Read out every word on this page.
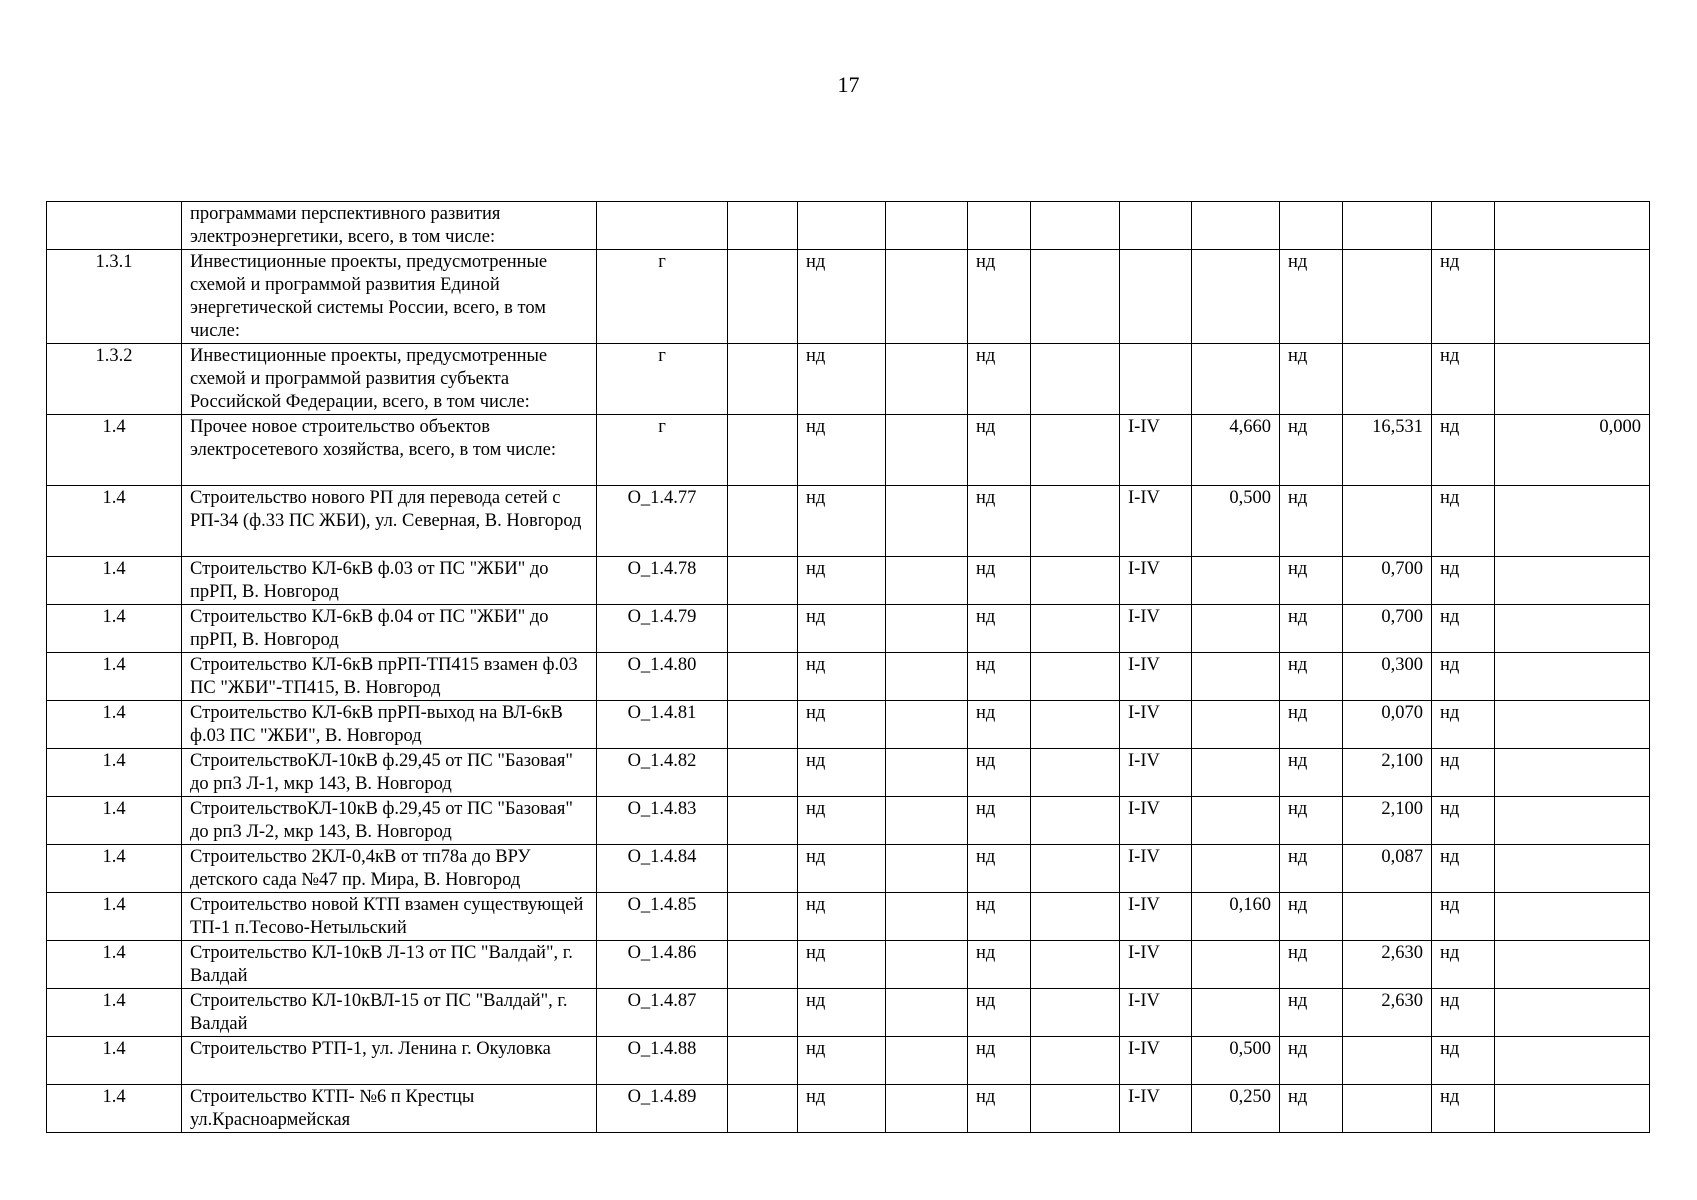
17
	программами перспективного развития электроэнергетики, всего, в том числе:												
1.3.1	Инвестиционные проекты, предусмотренные схемой и программой развития Единой энергетической системы России, всего, в том числе:	г		нд		нд				нд		нд	
1.3.2	Инвестиционные проекты, предусмотренные схемой и программой развития субъекта Российской Федерации, всего, в том числе:	г		нд		нд				нд		нд	
1.4	Прочее новое строительство объектов электросетевого хозяйства, всего, в том числе:	г		нд		нд		I-IV	4,660	нд	16,531	нд	0,000
1.4	Строительство нового РП для перевода сетей с РП-34 (ф.33 ПС ЖБИ), ул. Северная, В. Новгород	О_1.4.77		нд		нд		I-IV	0,500	нд		нд	
1.4	Строительство КЛ-6кВ ф.03 от ПС "ЖБИ" до прРП, В. Новгород	О_1.4.78		нд		нд		I-IV		нд	0,700	нд	
1.4	Строительство КЛ-6кВ ф.04 от ПС "ЖБИ" до прРП, В. Новгород	О_1.4.79		нд		нд		I-IV		нд	0,700	нд	
1.4	Строительство КЛ-6кВ прРП-ТП415 взамен ф.03 ПС "ЖБИ"-ТП415, В. Новгород	О_1.4.80		нд		нд		I-IV		нд	0,300	нд	
1.4	Строительство КЛ-6кВ прРП-выход на ВЛ-6кВ ф.03 ПС "ЖБИ", В. Новгород	О_1.4.81		нд		нд		I-IV		нд	0,070	нд	
1.4	СтроительствоКЛ-10кВ ф.29,45 от ПС "Базовая" до рп3 Л-1, мкр 143, В. Новгород	О_1.4.82		нд		нд		I-IV		нд	2,100	нд	
1.4	СтроительствоКЛ-10кВ ф.29,45 от ПС "Базовая" до рп3 Л-2, мкр 143, В. Новгород	О_1.4.83		нд		нд		I-IV		нд	2,100	нд	
1.4	Строительство 2КЛ-0,4кВ от тп78а до ВРУ детского сада №47 пр. Мира, В. Новгород	О_1.4.84		нд		нд		I-IV		нд	0,087	нд	
1.4	Строительство новой КТП взамен существующей ТП-1 п.Тесово-Нетыльский	О_1.4.85		нд		нд		I-IV	0,160	нд		нд	
1.4	Строительство КЛ-10кВ Л-13 от ПС "Валдай", г. Валдай	О_1.4.86		нд		нд		I-IV		нд	2,630	нд	
1.4	Строительство КЛ-10кВЛ-15 от ПС "Валдай", г. Валдай	О_1.4.87		нд		нд		I-IV		нд	2,630	нд	
1.4	Строительство РТП-1, ул. Ленина г. Окуловка	О_1.4.88		нд		нд		I-IV	0,500	нд		нд	
1.4	Строительство КТП- №6 п Крестцы ул.Красноармейская	О_1.4.89		нд		нд		I-IV	0,250	нд		нд	
